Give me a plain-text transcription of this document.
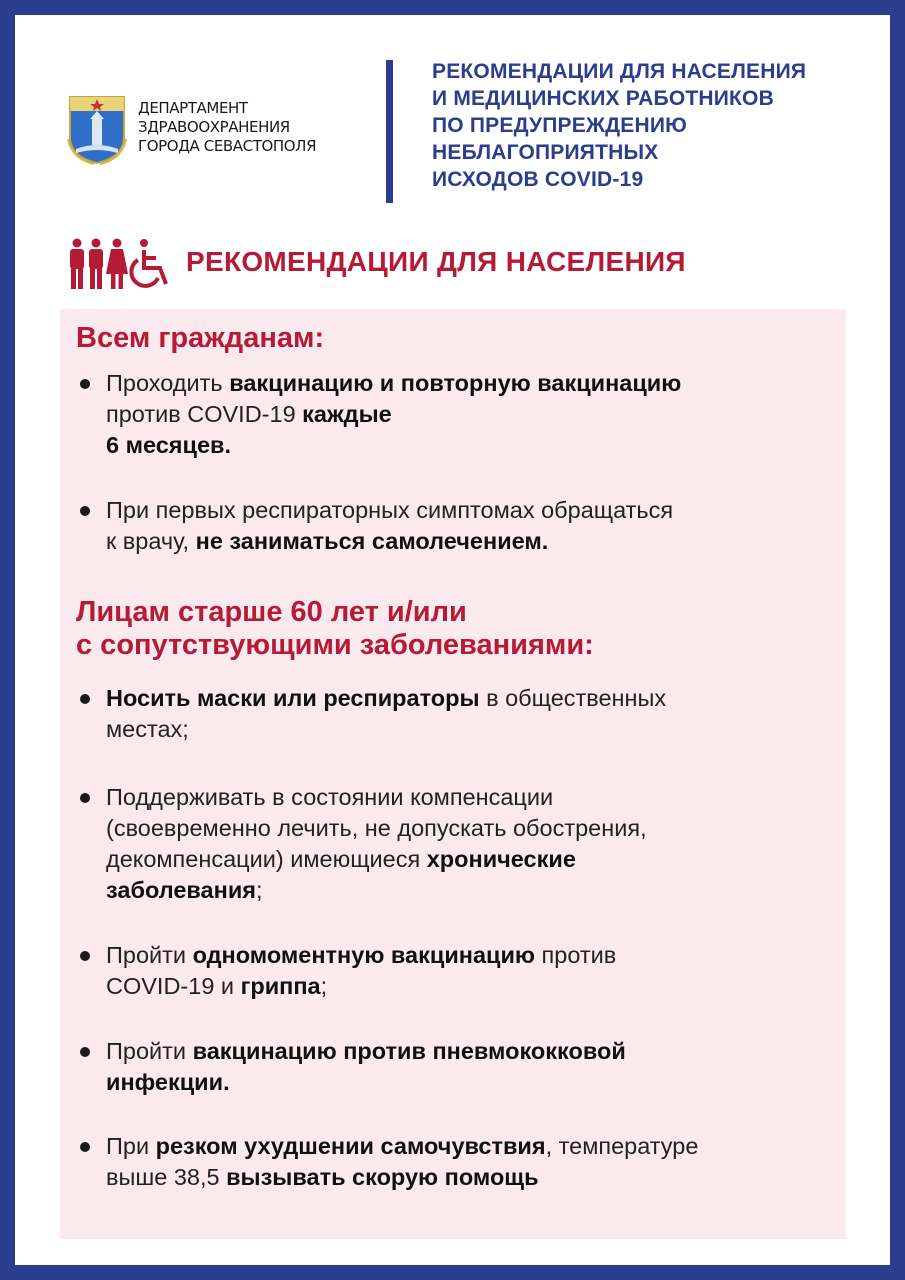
ДЕПАРТАМЕНТ
ЗДРАВООХРАНЕНИЯ
ГОРОДА СЕВАСТОПОЛЯ
РЕКОМЕНДАЦИИ ДЛЯ НАСЕЛЕНИЯ
И МЕДИЦИНСКИХ РАБОТНИКОВ
ПО ПРЕДУПРЕЖДЕНИЮ
НЕБЛАГОПРИЯТНЫХ
ИСХОДОВ COVID-19
РЕКОМЕНДАЦИИ ДЛЯ НАСЕЛЕНИЯ
Всем гражданам:
Проходить вакцинацию и повторную вакцинацию
против COVID-19 каждые
6 месяцев.
При первых респираторных симптомах обращаться
к врачу, не заниматься самолечением.
Лицам старше 60 лет и/или
с сопутствующими заболеваниями:
Носить маски или респираторы в общественных
местах;
Поддерживать в состоянии компенсации
(своевременно лечить, не допускать обострения,
декомпенсации) имеющиеся хронические
заболевания;
Пройти одномоментную вакцинацию против
COVID-19 и гриппа;
Пройти вакцинацию против пневмококковой
инфекции.
При резком ухудшении самочувствия, температуре
выше 38,5 вызывать скорую помощь
